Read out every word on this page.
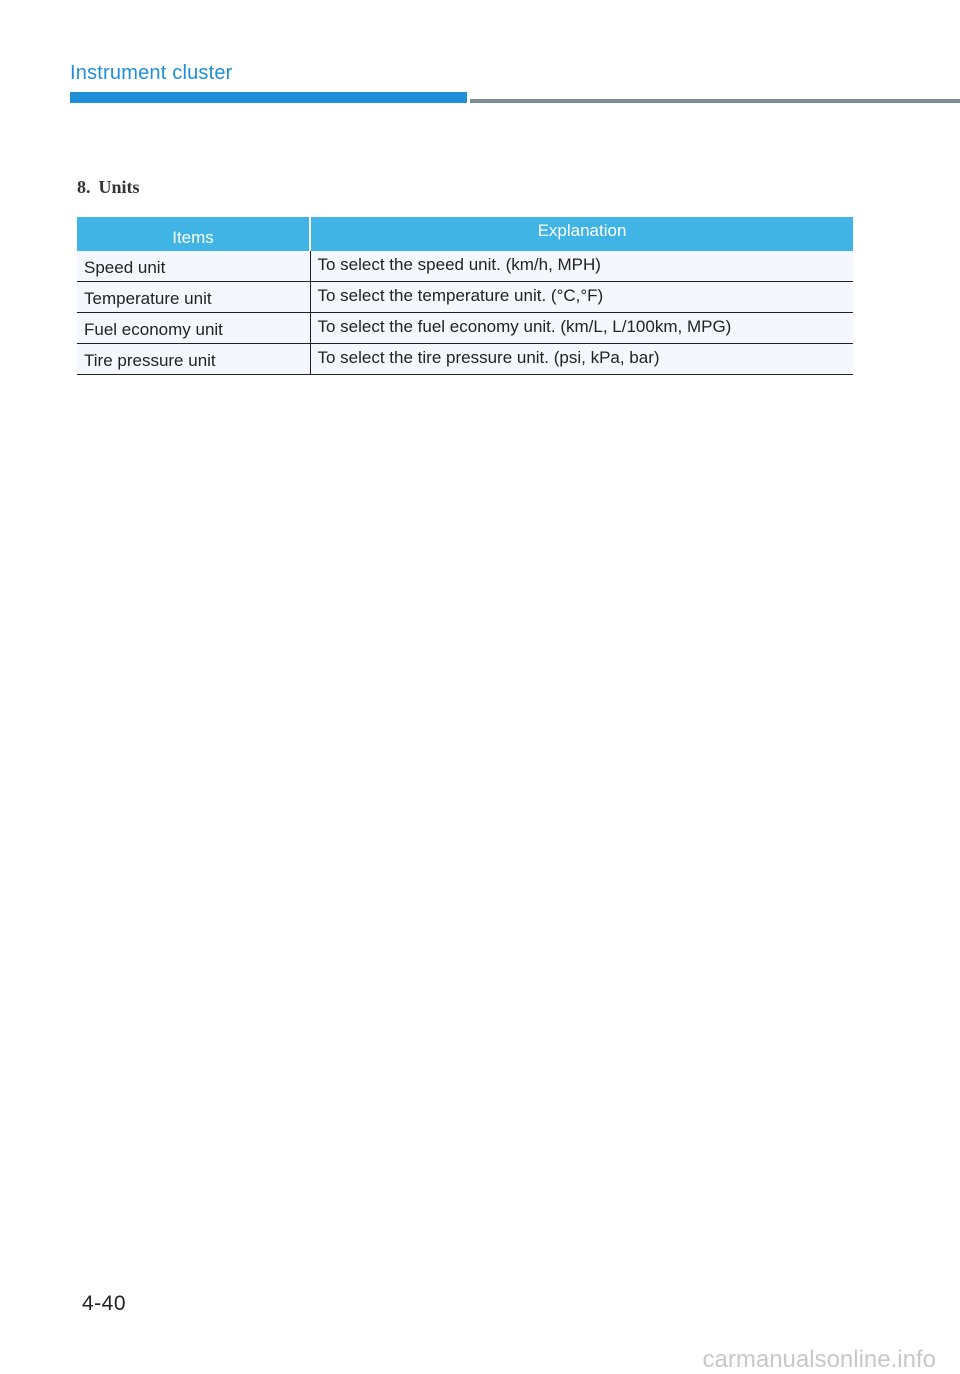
Instrument cluster
8. Units
Items	Explanation
Speed unit	To select the speed unit. (km/h, MPH)
Temperature unit	To select the temperature unit. (°C,°F)
Fuel economy unit	To select the fuel economy unit. (km/L, L/100km, MPG)
Tire pressure unit	To select the tire pressure unit. (psi, kPa, bar)
4-40
carmanualsonline.info
